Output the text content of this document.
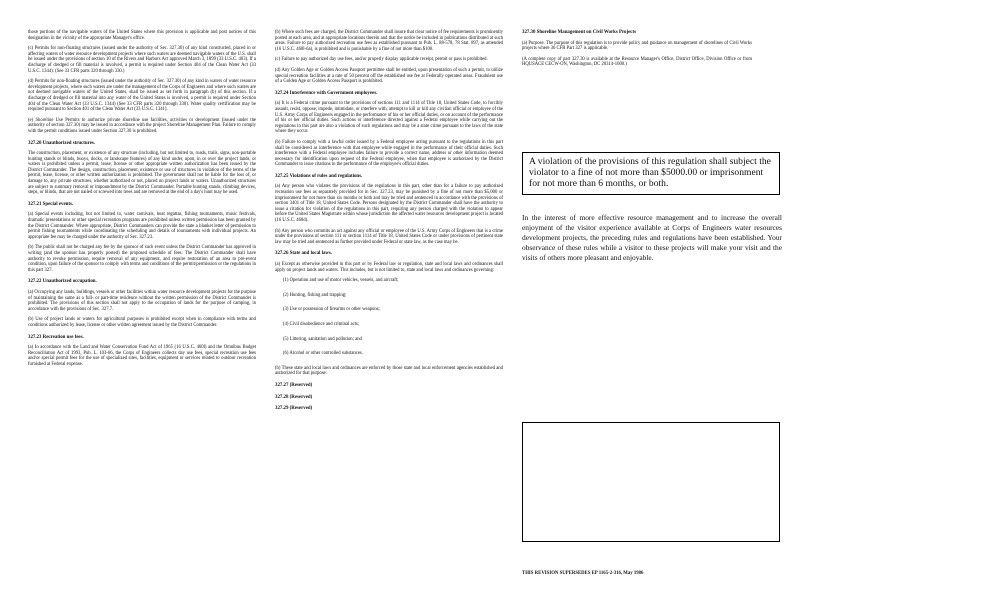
those portions of the navigable waters of the United States where this provision is applicable and post notices of this designation in the vicinity of the appropriate Manager's office.

(c) Permits for non-floating structures (issued under the authority of Sec. 327.30) of any kind constructed, placed in or affecting waters of water resource development projects where such waters are deemed navigable waters of the U.S. shall be issued under the provisions of section 10 of the Rivers and Harbors Act approved March 3, 1899 (33 U.S.C. 403). If a discharge of dredged or fill material is involved, a permit is required under Section 404 of the Clean Water Act (33 U.S.C. 1344). (See 33 CFR parts 320 through 330.)

(d) Permits for non-floating structures (issued under the authority of Sec. 327.30) of any kind in waters of water resource development projects, where such waters are under the management of the Corps of Engineers and where such waters are not deemed navigable waters of the United States, shall be issued as set forth in paragraph (b) of this section. If a discharge of dredged or fill material into any water of the United States is involved, a permit is required under Section 404 of the Clean Water Act (33 U.S.C. 1344) (See 33 CFR parts 320 through 330). Water quality certification may be required pursuant to Section 401 of the Clean Water Act (33 U.S.C. 1341).

(e) Shoreline Use Permits to authorize private shoreline use facilities, activities or development (issued under the authority of section 327.30) may be issued in accordance with the project Shoreline Management Plan. Failure to comply with the permit conditions issued under Section 327.30 is prohibited.

327.20 Unauthorized structures.

The construction, placement, or existence of any structure (including, but not limited to, roads, trails, signs, non-portable hunting stands or blinds, buoys, docks, or landscape features) of any kind under, upon, in or over the project lands, or waters is prohibited unless a permit, lease, license or other appropriate written authorization has been issued by the District Commander. The design, construction, placement, existence or use of structures in violation of the terms of the permit, lease, license, or other written authorization is prohibited. The government shall not be liable for the loss of, or damage to, any private structures, whether authorized or not, placed on project lands or waters. Unauthorized structures are subject to summary removal or impoundment by the District Commander. Portable hunting stands, climbing devices, steps, or blinds, that are not nailed or screwed into trees and are removed at the end of a day's hunt may be used.

327.21 Special events.

(a) Special events including, but not limited to, water carnivals, boat regattas, fishing tournaments, music festivals, dramatic presentations or other special recreation programs are prohibited unless written permission has been granted by the District Commander. Where appropriate, District Commanders can provide the state a blanket letter of permission to permit fishing tournaments while coordinating the scheduling and details of tournaments with individual projects. An appropriate fee may be charged under the authority of Sec. 327.23.

(b) The public shall not be charged any fee by the sponsor of such event unless the District Commander has approved in writing (and the sponsor has properly posted) the proposed schedule of fees. The District Commander shall have authority to revoke permission, require removal of any equipment, and require restoration of an area to pre-event condition, upon failure of the sponsor to comply with terms and conditions of the permit/permission or the regulations in this part 327.

327.22 Unauthorized occupation.

(a) Occupying any lands, buildings, vessels or other facilities within water resource development projects for the purpose of maintaining the same as a full- or part-time residence without the written permission of the District Commander is prohibited. The provisions of this section shall not apply to the occupation of lands for the purpose of camping, in accordance with the provisions of Sec. 327.7.

(b) Use of project lands or waters for agricultural purposes is prohibited except when in compliance with terms and conditions authorized by lease, license or other written agreement issued by the District Commander.

327.23 Recreation use fees.

(a) In accordance with the Land and Water Conservation Fund Act of 1965 (16 U.S.C. 460l) and the Omnibus Budget Reconciliation Act of 1993, Pub. L. 103-66, the Corps of Engineers collects day use fees, special recreation use fees and/or special permit fees for the use of specialized sites, facilities, equipment or services related to outdoor recreation furnished at Federal expense.

(b) Where such fees are charged, the District Commander shall insure that clear notice of fee requirements is prominently posted at each area, and at appropriate locations therein and that the notice be included in publications distributed at such areas. Failure to pay authorized recreation use fees as established pursuant to Pub. L. 88-578, 78 Stat. 897, as amended (16 U.S.C. 460l-6a), is prohibited and is punishable by a fine of not more than $100.

(c) Failure to pay authorized day use fees, and/or properly display applicable receipt, permit or pass is prohibited.

(d) Any Golden Age or Golden Access Passport permittee shall be entitled, upon presentation of such a permit, to utilize special recreation facilities at a rate of 50 percent off the established use fee at Federally operated areas. Fraudulent use of a Golden Age or Golden Access Passport is prohibited.

327.24 Interference with Government employees.

(a) It is a Federal crime pursuant to the provisions of sections 111 and 1114 of Title 18, United States Code, to forcibly assault, resist, oppose, impede, intimidate, or interfere with, attempt to kill or kill any civilian official or employee of the U.S. Army Corps of Engineers engaged in the performance of his or her official duties, or on account of the performance of his or her official duties. Such actions or interference directed against a Federal employee while carrying out the regulations in this part are also a violation of such regulations and may be a state crime pursuant to the laws of the state where they occur.

(b) Failure to comply with a lawful order issued by a Federal employee acting pursuant to the regulations in this part shall be considered as interference with that employee while engaged in the performance of their official duties. Such interference with a Federal employee includes failure to provide a correct name, address or other information deemed necessary for identification upon request of the Federal employee, when that employee is authorized by the District Commander to issue citations in the performance of the employee's official duties.

327.25 Violations of rules and regulations.

(a) Any person who violates the provisions of the regulations in this part, other than for a failure to pay authorized recreation use fees as separately provided for in Sec. 327.23, may be punished by a fine of not more than $5,000 or imprisonment for not more than six months or both and may be tried and sentenced in accordance with the provisions of section 3401 of Title 18, United States Code. Persons designated by the District Commander shall have the authority to issue a citation for violation of the regulations in this part, requiring any person charged with the violation to appear before the United States Magistrate within whose jurisdiction the affected water resources development project is located (16 U.S.C. 460d).

(b) Any person who commits an act against any official or employee of the U.S. Army Corps of Engineers that is a crime under the provisions of section 111 or section 1114 of Title 18, United States Code or under provisions of pertinent state law may be tried and sentenced as further provided under Federal or state law, as the case may be.

327.26 State and local laws.

(a) Except as otherwise provided in this part or by Federal law or regulation, state and local laws and ordinances shall apply on project lands and waters. This includes, but is not limited to, state and local laws and ordinances governing:

(1) Operation and use of motor vehicles, vessels, and aircraft;

(2) Hunting, fishing and trapping;

(3) Use or possession of firearms or other weapons;

(4) Civil disobedience and criminal acts;

(5) Littering, sanitation and pollution; and

(6) Alcohol or other controlled substances.

(b) These state and local laws and ordinances are enforced by those state and local enforcement agencies established and authorized for that purpose.

327.27 (Reserved)
327.28 (Reserved)
327.29 (Reserved)
327.30 Shoreline Management on Civil Works Projects

(a) Purpose. The purpose of this regulation is to provide policy and guidance on management of shorelines of Civil Works projects where 36 CFR Part 327 is applicable.

(A complete copy of part 327.30 is available at the Resource Manager's Office, District Office, Division Office or from HQUSACE CECW-ON, Washington, DC 20314-1000.)

A violation of the provisions of this regulation shall subject the violator to a fine of not more than $5000.00 or imprisonment for not more than 6 months, or both.
In the interest of more effective resource management and to increase the overall enjoyment of the visitor experience available at Corps of Engineers water resources development projects, the preceding rules and regulations have been established. Your observance of these rules while a visitor to these projects will make your visit and the visits of others more pleasant and enjoyable.
THIS REVISION SUPERSEDES EP 1165-2-316, May 1986
